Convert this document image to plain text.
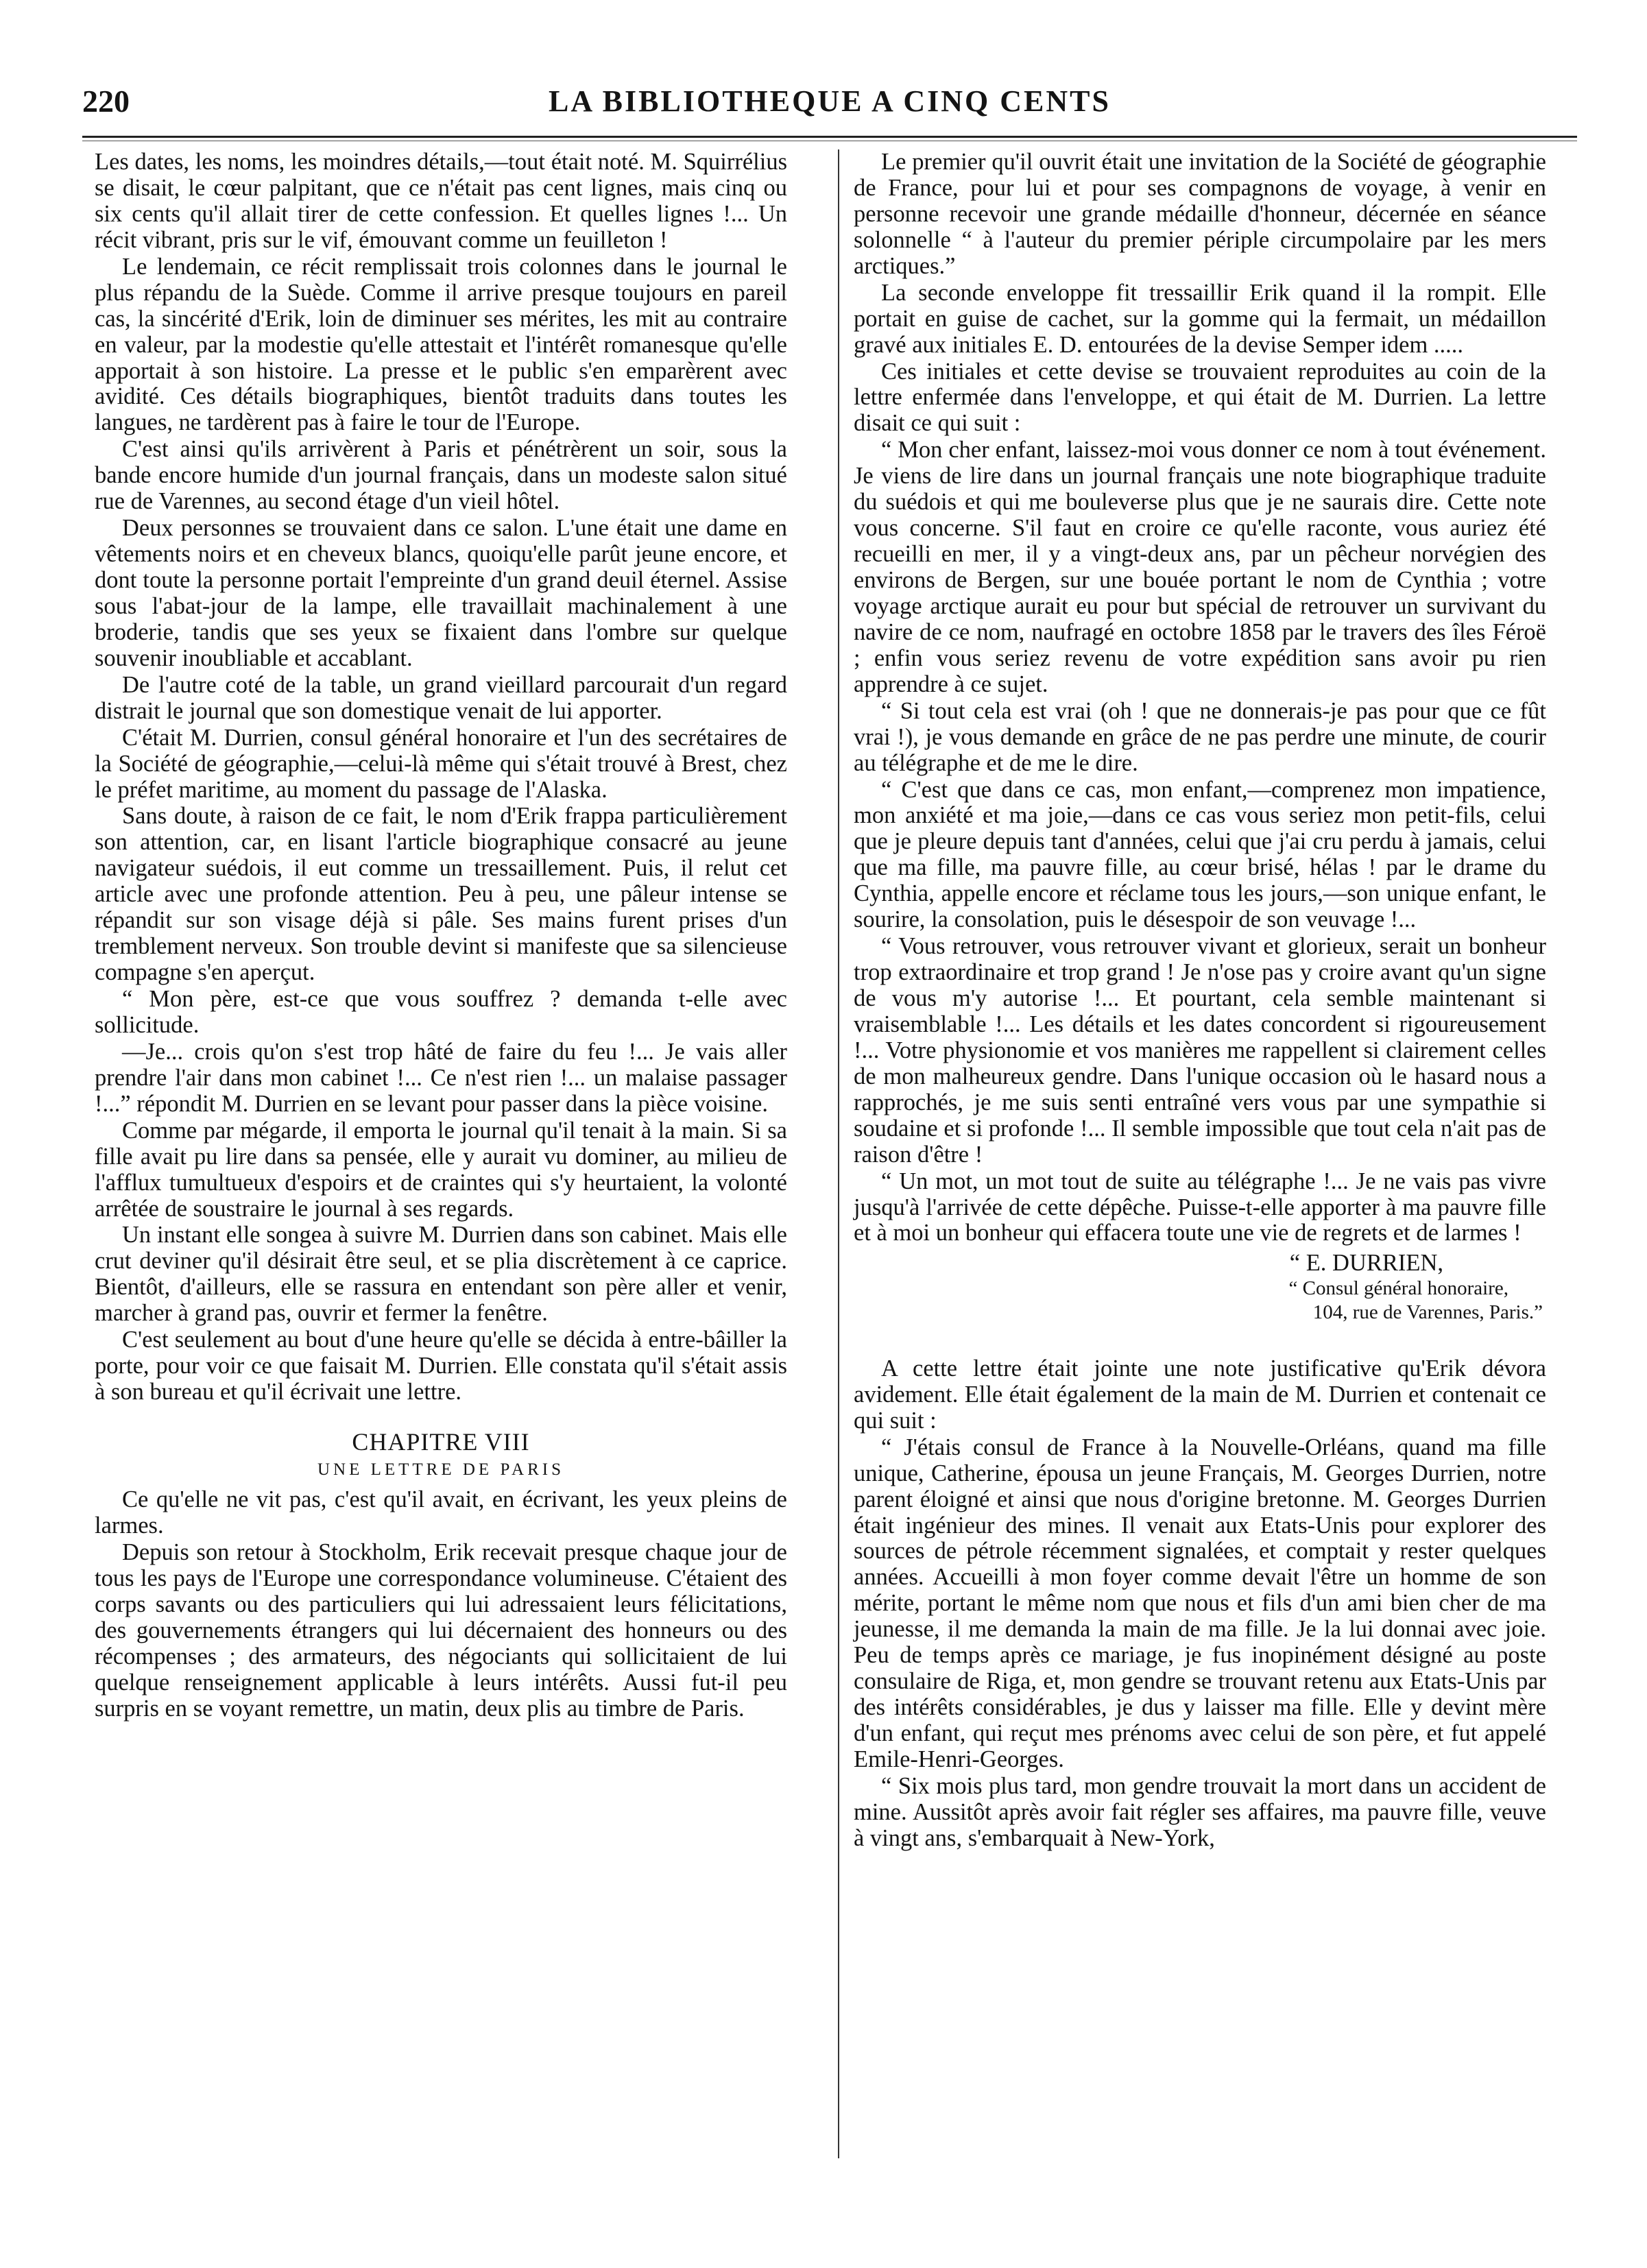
220	LA BIBLIOTHEQUE A CINQ CENTS

Les dates, les noms, les moindres détails,—tout était noté. M. Squirrélius se disait, le cœur palpitant, que ce n'était pas cent lignes, mais cinq ou six cents qu'il allait tirer de cette confession. Et quelles lignes !... Un récit vibrant, pris sur le vif, émouvant comme un feuilleton !

Le lendemain, ce récit remplissait trois colonnes dans le journal le plus répandu de la Suède. Comme il arrive presque toujours en pareil cas, la sincérité d'Erik, loin de diminuer ses mérites, les mit au contraire en valeur, par la modestie qu'elle attestait et l'intérêt romanesque qu'elle apportait à son histoire. La presse et le public s'en emparèrent avec avidité. Ces détails biographiques, bientôt traduits dans toutes les langues, ne tardèrent pas à faire le tour de l'Europe.

C'est ainsi qu'ils arrivèrent à Paris et pénétrèrent un soir, sous la bande encore humide d'un journal français, dans un modeste salon situé rue de Varennes, au second étage d'un vieil hôtel.

Deux personnes se trouvaient dans ce salon. L'une était une dame en vêtements noirs et en cheveux blancs, quoiqu'elle parût jeune encore, et dont toute la personne portait l'empreinte d'un grand deuil éternel. Assise sous l'abat-jour de la lampe, elle travaillait machinalement à une broderie, tandis que ses yeux se fixaient dans l'ombre sur quelque souvenir inoubliable et accablant.

De l'autre coté de la table, un grand vieillard parcourait d'un regard distrait le journal que son domestique venait de lui apporter.

C'était M. Durrien, consul général honoraire et l'un des secrétaires de la Société de géographie,—celui-là même qui s'était trouvé à Brest, chez le préfet maritime, au moment du passage de l'Alaska.

Sans doute, à raison de ce fait, le nom d'Erik frappa particulièrement son attention, car, en lisant l'article biographique consacré au jeune navigateur suédois, il eut comme un tressaillement. Puis, il relut cet article avec une profonde attention. Peu à peu, une pâleur intense se répandit sur son visage déjà si pâle. Ses mains furent prises d'un tremblement nerveux. Son trouble devint si manifeste que sa silencieuse compagne s'en aperçut.

“ Mon père, est-ce que vous souffrez ? demanda t-elle avec sollicitude.

—Je... crois qu'on s'est trop hâté de faire du feu !... Je vais aller prendre l'air dans mon cabinet !... Ce n'est rien !... un malaise passager !...” répondit M. Durrien en se levant pour passer dans la pièce voisine.

Comme par mégarde, il emporta le journal qu'il tenait à la main. Si sa fille avait pu lire dans sa pensée, elle y aurait vu dominer, au milieu de l'afflux tumultueux d'espoirs et de craintes qui s'y heurtaient, la volonté arrêtée de soustraire le journal à ses regards.

Un instant elle songea à suivre M. Durrien dans son cabinet. Mais elle crut deviner qu'il désirait être seul, et se plia discrètement à ce caprice. Bientôt, d'ailleurs, elle se rassura en entendant son père aller et venir, marcher à grand pas, ouvrir et fermer la fenêtre.

C'est seulement au bout d'une heure qu'elle se décida à entre-bâiller la porte, pour voir ce que faisait M. Durrien. Elle constata qu'il s'était assis à son bureau et qu'il écrivait une lettre.

CHAPITRE VIII
UNE LETTRE DE PARIS

Ce qu'elle ne vit pas, c'est qu'il avait, en écrivant, les yeux pleins de larmes.

Depuis son retour à Stockholm, Erik recevait presque chaque jour de tous les pays de l'Europe une correspondance volumineuse. C'étaient des corps savants ou des particuliers qui lui adressaient leurs félicitations, des gouvernements étrangers qui lui décernaient des honneurs ou des récompenses ; des armateurs, des négociants qui sollicitaient de lui quelque renseignement applicable à leurs intérêts. Aussi fut-il peu surpris en se voyant remettre, un matin, deux plis au timbre de Paris.

Le premier qu'il ouvrit était une invitation de la Société de géographie de France, pour lui et pour ses compagnons de voyage, à venir en personne recevoir une grande médaille d'honneur, décernée en séance solonnelle “ à l'auteur du premier périple circumpolaire par les mers arctiques.”

La seconde enveloppe fit tressaillir Erik quand il la rompit. Elle portait en guise de cachet, sur la gomme qui la fermait, un médaillon gravé aux initiales E. D. entourées de la devise Semper idem .....

Ces initiales et cette devise se trouvaient reproduites au coin de la lettre enfermée dans l'enveloppe, et qui était de M. Durrien. La lettre disait ce qui suit :

“ Mon cher enfant, laissez-moi vous donner ce nom à tout événement. Je viens de lire dans un journal français une note biographique traduite du suédois et qui me bouleverse plus que je ne saurais dire. Cette note vous concerne. S'il faut en croire ce qu'elle raconte, vous auriez été recueilli en mer, il y a vingt-deux ans, par un pêcheur norvégien des environs de Bergen, sur une bouée portant le nom de Cynthia ; votre voyage arctique aurait eu pour but spécial de retrouver un survivant du navire de ce nom, naufragé en octobre 1858 par le travers des îles Féroë ; enfin vous seriez revenu de votre expédition sans avoir pu rien apprendre à ce sujet.

“ Si tout cela est vrai (oh ! que ne donnerais-je pas pour que ce fût vrai !), je vous demande en grâce de ne pas perdre une minute, de courir au télégraphe et de me le dire.

“ C'est que dans ce cas, mon enfant,—comprenez mon impatience, mon anxiété et ma joie,—dans ce cas vous seriez mon petit-fils, celui que je pleure depuis tant d'années, celui que j'ai cru perdu à jamais, celui que ma fille, ma pauvre fille, au cœur brisé, hélas ! par le drame du Cynthia, appelle encore et réclame tous les jours,—son unique enfant, le sourire, la consolation, puis le désespoir de son veuvage !...

“ Vous retrouver, vous retrouver vivant et glorieux, serait un bonheur trop extraordinaire et trop grand ! Je n'ose pas y croire avant qu'un signe de vous m'y autorise !... Et pourtant, cela semble maintenant si vraisemblable !... Les détails et les dates concordent si rigoureusement !... Votre physionomie et vos manières me rappellent si clairement celles de mon malheureux gendre. Dans l'unique occasion où le hasard nous a rapprochés, je me suis senti entraîné vers vous par une sympathie si soudaine et si profonde !... Il semble impossible que tout cela n'ait pas de raison d'être !

“ Un mot, un mot tout de suite au télégraphe !... Je ne vais pas vivre jusqu'à l'arrivée de cette dépêche. Puisse-t-elle apporter à ma pauvre fille et à moi un bonheur qui effacera toute une vie de regrets et de larmes !

“ E. DURRIEN,
“ Consul général honoraire,
104, rue de Varennes, Paris.”

A cette lettre était jointe une note justificative qu'Erik dévora avidement. Elle était également de la main de M. Durrien et contenait ce qui suit :

“ J'étais consul de France à la Nouvelle-Orléans, quand ma fille unique, Catherine, épousa un jeune Français, M. Georges Durrien, notre parent éloigné et ainsi que nous d'origine bretonne. M. Georges Durrien était ingénieur des mines. Il venait aux Etats-Unis pour explorer des sources de pétrole récemment signalées, et comptait y rester quelques années. Accueilli à mon foyer comme devait l'être un homme de son mérite, portant le même nom que nous et fils d'un ami bien cher de ma jeunesse, il me demanda la main de ma fille. Je la lui donnai avec joie. Peu de temps après ce mariage, je fus inopinément désigné au poste consulaire de Riga, et, mon gendre se trouvant retenu aux Etats-Unis par des intérêts considérables, je dus y laisser ma fille. Elle y devint mère d'un enfant, qui reçut mes prénoms avec celui de son père, et fut appelé Emile-Henri-Georges.

“ Six mois plus tard, mon gendre trouvait la mort dans un accident de mine. Aussitôt après avoir fait régler ses affaires, ma pauvre fille, veuve à vingt ans, s'embarquait à New-York,
